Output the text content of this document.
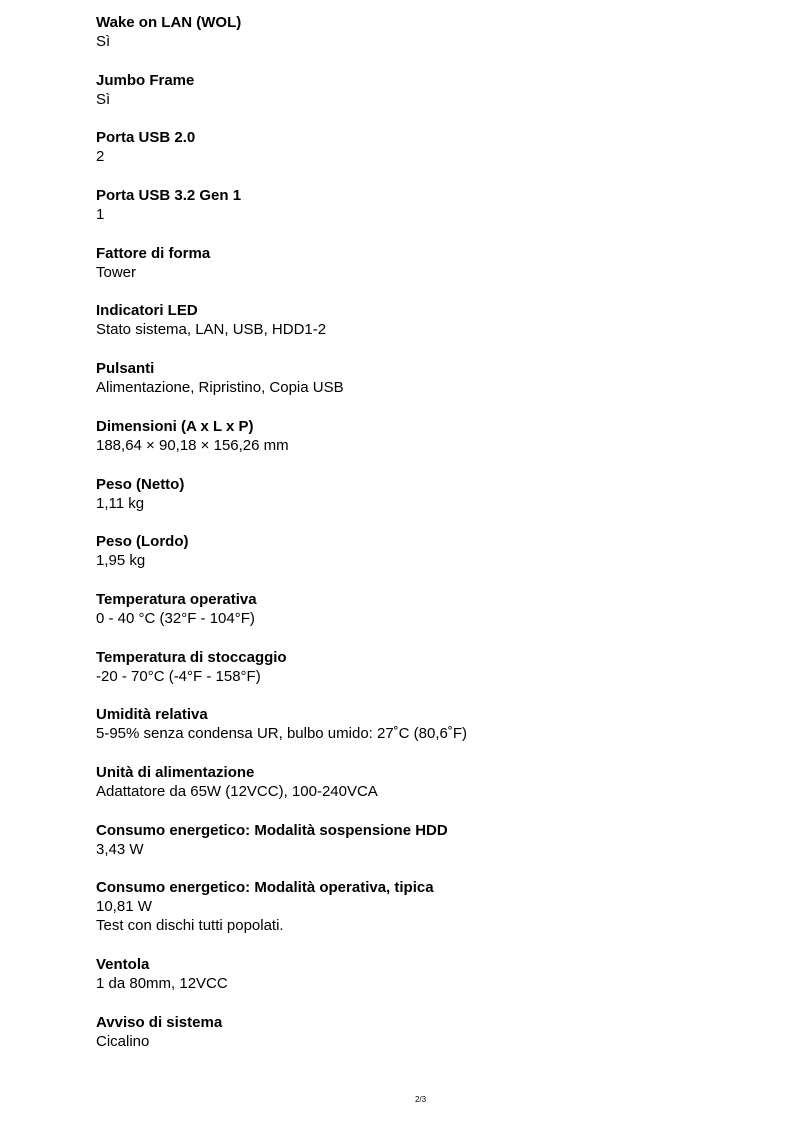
Wake on LAN (WOL)
Sì
Jumbo Frame
Sì
Porta USB 2.0
2
Porta USB 3.2 Gen 1
1
Fattore di forma
Tower
Indicatori LED
Stato sistema, LAN, USB, HDD1-2
Pulsanti
Alimentazione, Ripristino, Copia USB
Dimensioni (A x L x P)
188,64 × 90,18 × 156,26 mm
Peso (Netto)
1,11 kg
Peso (Lordo)
1,95 kg
Temperatura operativa
0 - 40 °C (32°F - 104°F)
Temperatura di stoccaggio
-20 - 70°C (-4°F - 158°F)
Umidità relativa
5-95% senza condensa UR, bulbo umido: 27˚C (80,6˚F)
Unità di alimentazione
Adattatore da 65W (12VCC), 100-240VCA
Consumo energetico: Modalità sospensione HDD
3,43 W
Consumo energetico: Modalità operativa, tipica
10,81 W
Test con dischi tutti popolati.
Ventola
1 da 80mm, 12VCC
Avviso di sistema
Cicalino
2/3
